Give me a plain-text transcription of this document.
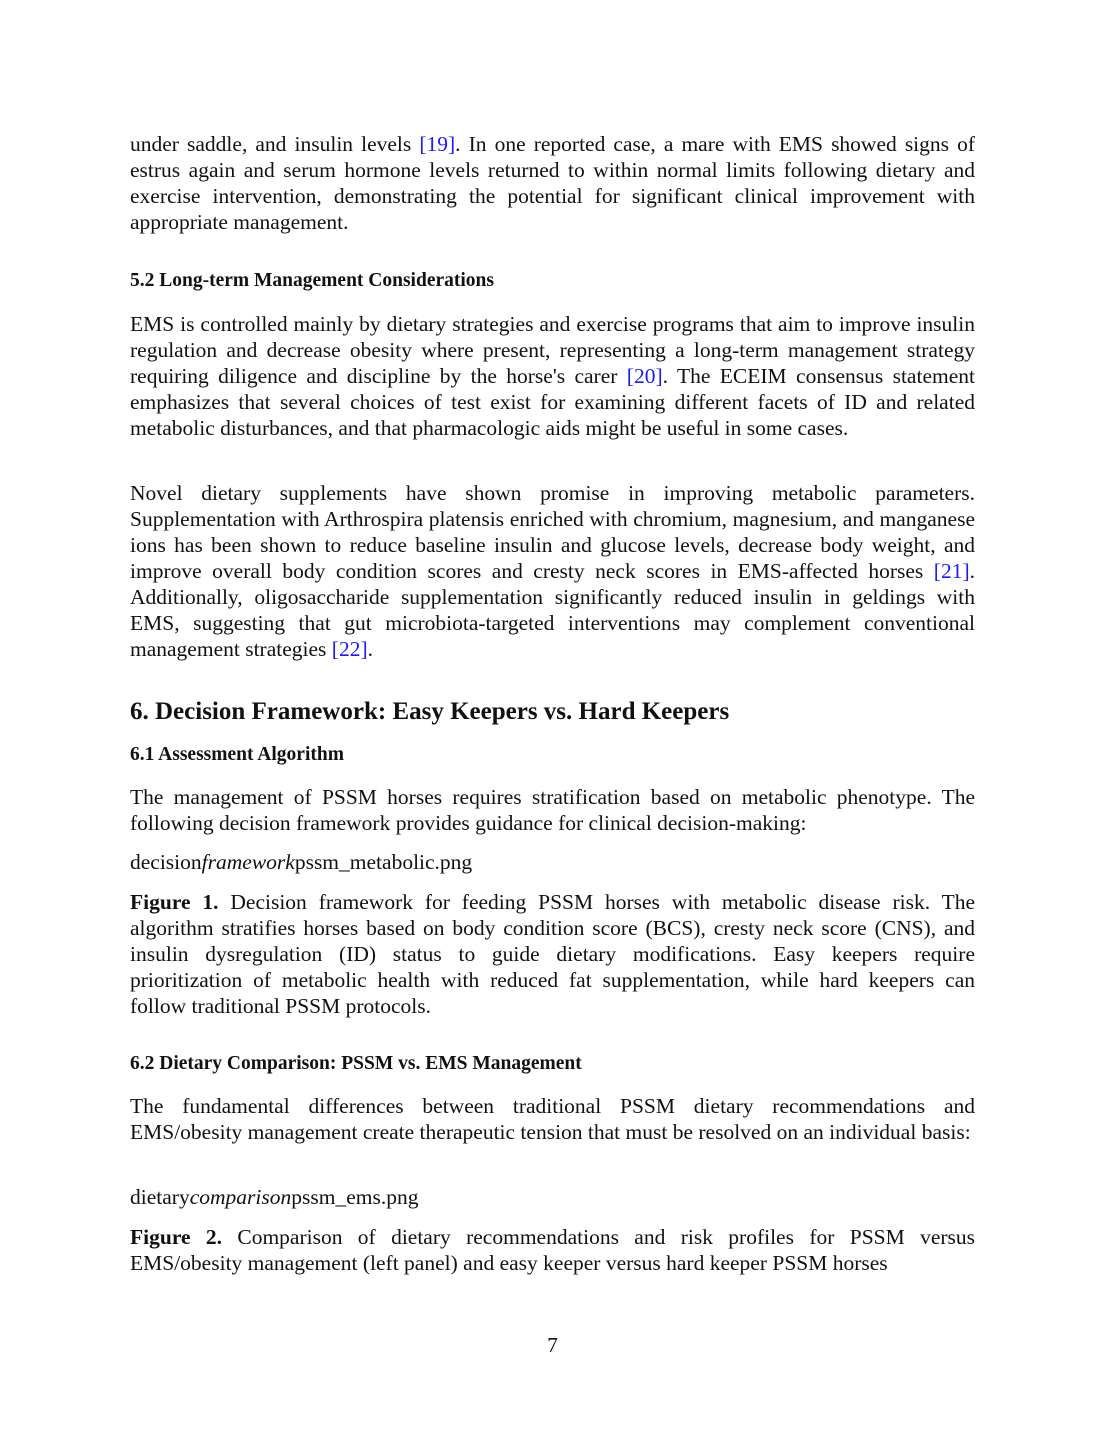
under saddle, and insulin levels [19]. In one reported case, a mare with EMS showed signs of estrus again and serum hormone levels returned to within normal limits following dietary and exercise intervention, demonstrating the potential for significant clinical improvement with appropriate management.

5.2 Long-term Management Considerations

EMS is controlled mainly by dietary strategies and exercise programs that aim to improve insulin regulation and decrease obesity where present, representing a long-term management strategy requiring diligence and discipline by the horse's carer [20]. The ECEIM consensus statement emphasizes that several choices of test exist for examining different facets of ID and related metabolic disturbances, and that pharmacologic aids might be useful in some cases.

Novel dietary supplements have shown promise in improving metabolic parameters. Supplementation with Arthrospira platensis enriched with chromium, magnesium, and manganese ions has been shown to reduce baseline insulin and glucose levels, decrease body weight, and improve overall body condition scores and cresty neck scores in EMS-affected horses [21]. Additionally, oligosaccharide supplementation significantly reduced insulin in geldings with EMS, suggesting that gut microbiota-targeted interventions may complement conventional management strategies [22].

6. Decision Framework: Easy Keepers vs. Hard Keepers
6.1 Assessment Algorithm

The management of PSSM horses requires stratification based on metabolic phenotype. The following decision framework provides guidance for clinical decision-making:

decisionframeworkpssm_metabolic.png

Figure 1. Decision framework for feeding PSSM horses with metabolic disease risk. The algorithm stratifies horses based on body condition score (BCS), cresty neck score (CNS), and insulin dysregulation (ID) status to guide dietary modifications. Easy keepers require prioritization of metabolic health with reduced fat supplementation, while hard keepers can follow traditional PSSM protocols.

6.2 Dietary Comparison: PSSM vs. EMS Management

The fundamental differences between traditional PSSM dietary recommendations and EMS/obesity management create therapeutic tension that must be resolved on an individual basis:

dietarycomparisonpssm_ems.png

Figure 2. Comparison of dietary recommendations and risk profiles for PSSM versus EMS/obesity management (left panel) and easy keeper versus hard keeper PSSM horses

7
